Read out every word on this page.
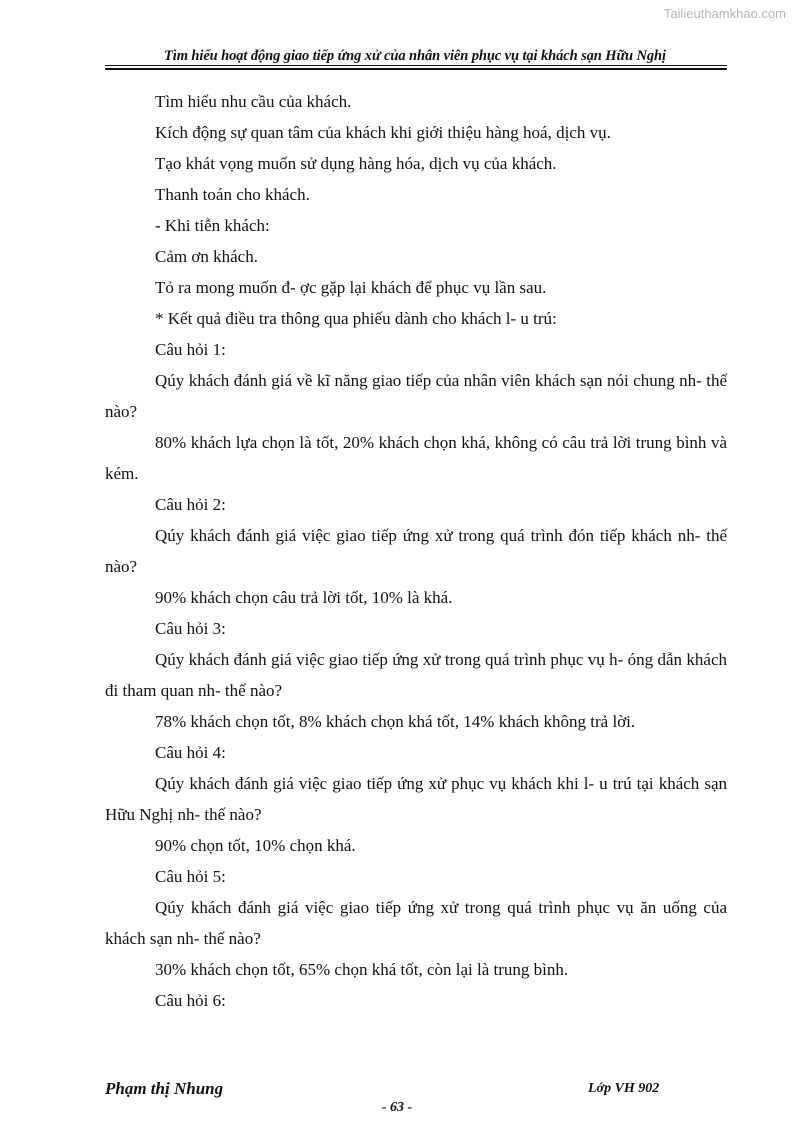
Tailieuthamkhao.com
Tìm hiểu hoạt động giao tiếp ứng xử của nhân viên phục vụ tại khách sạn Hữu Nghị

Tìm hiểu nhu cầu của khách.

Kích động sự quan tâm của khách khi giới thiệu hàng hoá, dịch vụ.

Tạo khát vọng muốn sử dụng hàng hóa, dịch vụ của khách.

Thanh toán cho khách.

- Khi tiễn khách:

Cảm ơn khách.

Tỏ ra mong muốn đ- ợc gặp lại khách để phục vụ lần sau.

* Kết quả điều tra thông qua phiếu dành cho khách l- u trú:

Câu hỏi 1:

Qúy khách đánh giá về kĩ năng giao tiếp của nhân viên khách sạn nói chung nh- thế nào?

80% khách lựa chọn là tốt, 20% khách chọn khá, không có câu trả lời trung bình và kém.

Câu hỏi 2:

Qúy khách đánh giá việc giao tiếp ứng xử trong quá trình đón tiếp khách nh- thế nào?

90% khách chọn câu trả lời tốt, 10% là khá.

Câu hỏi 3:

Qúy khách đánh giá việc giao tiếp ứng xử trong quá trình phục vụ h- óng dẫn khách đi tham quan nh- thế nào?

78% khách chọn tốt, 8% khách chọn khá tốt, 14% khách không trả lời.

Câu hỏi 4:

Qúy khách đánh giá việc giao tiếp ứng xử phục vụ khách khi l- u trú tại khách sạn Hữu Nghị nh- thế nào?

90% chọn tốt, 10% chọn khá.

Câu hỏi 5:

Qúy khách đánh giá việc giao tiếp ứng xử trong quá trình phục vụ ăn uống của khách sạn nh- thế nào?

30% khách chọn tốt, 65% chọn khá tốt, còn lại là trung bình.

Câu hỏi 6:

Phạm thị Nhung	Lớp VH 902
- 63 -
